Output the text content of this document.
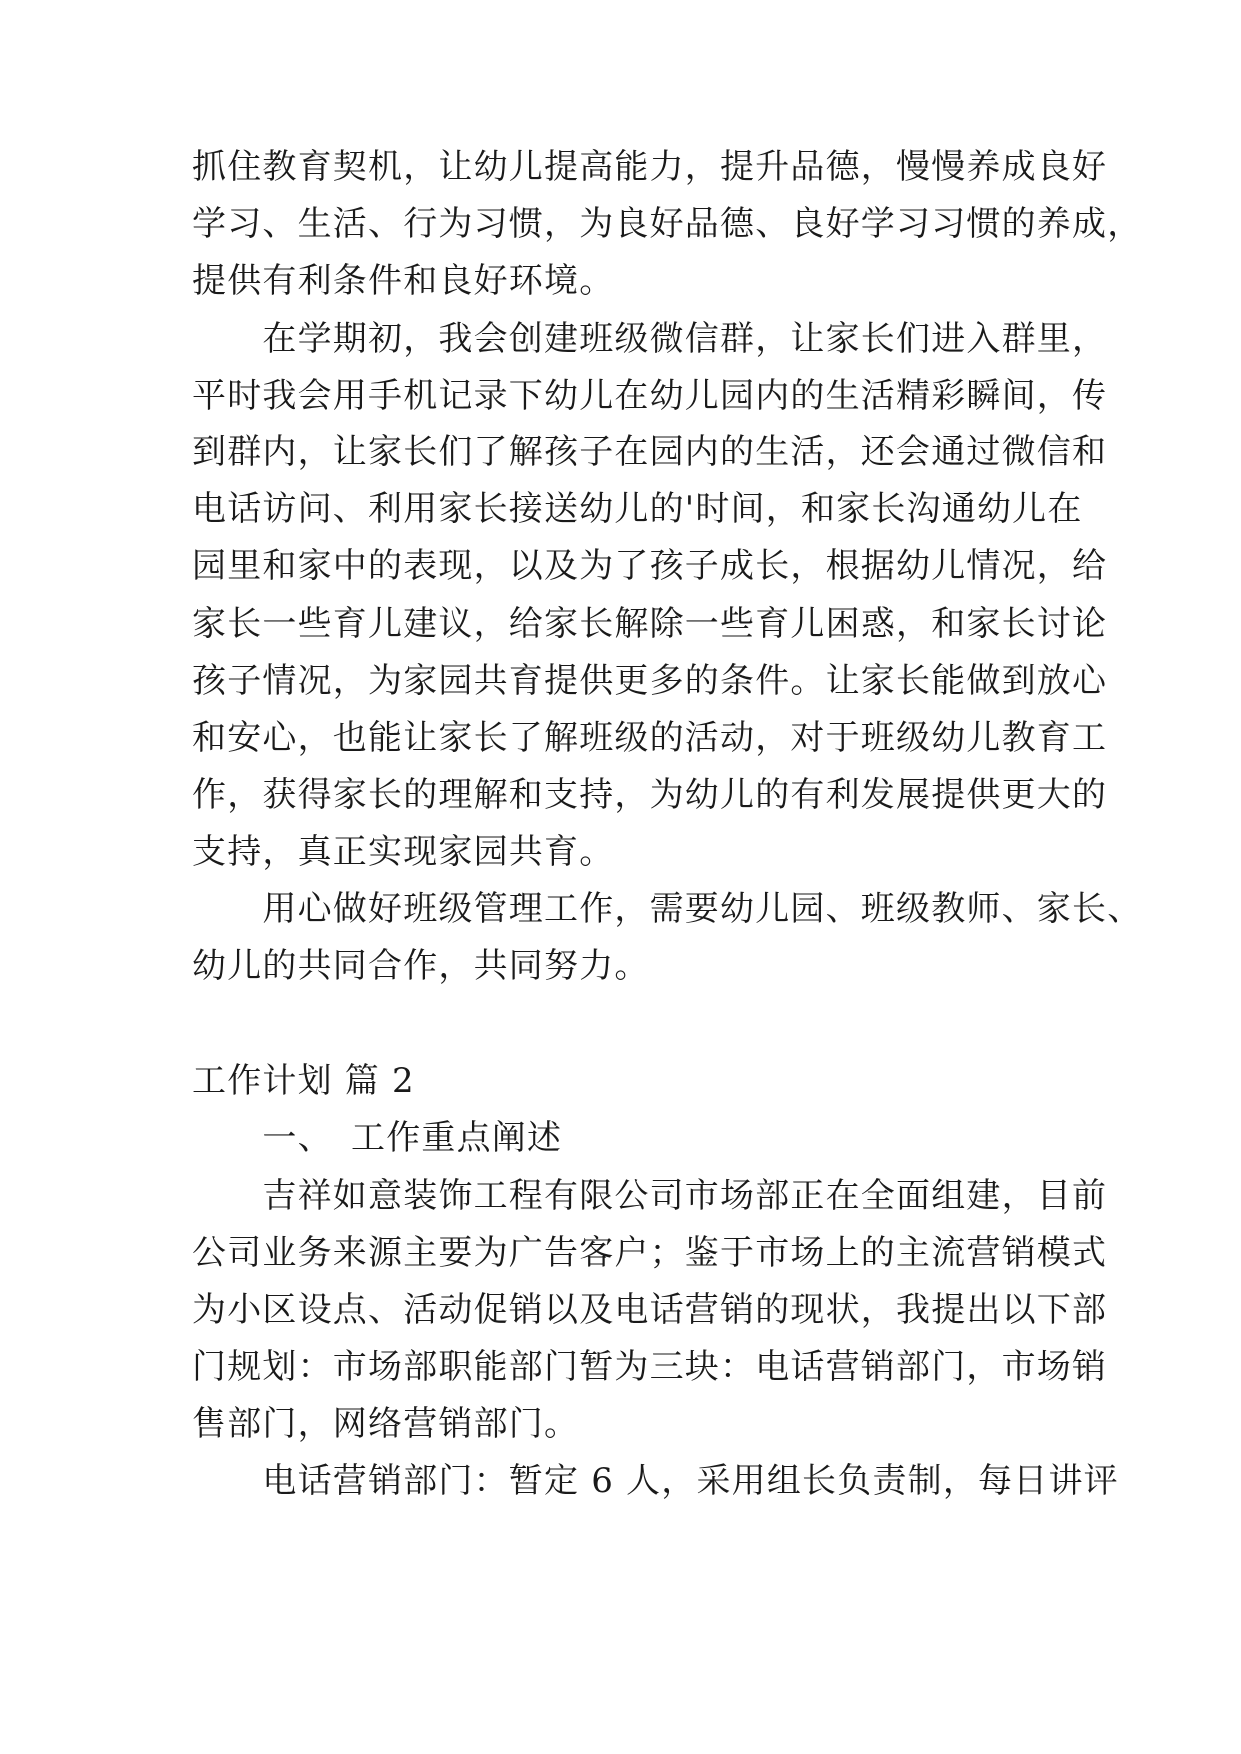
抓住教育契机，让幼儿提高能力，提升品德，慢慢养成良好

学习、生活、行为习惯，为良好品德、良好学习习惯的养成，

提供有利条件和良好环境。

　　在学期初，我会创建班级微信群，让家长们进入群里，

平时我会用手机记录下幼儿在幼儿园内的生活精彩瞬间，传

到群内，让家长们了解孩子在园内的生活，还会通过微信和

电话访问、利用家长接送幼儿的'时间，和家长沟通幼儿在

园里和家中的表现，以及为了孩子成长，根据幼儿情况，给

家长一些育儿建议，给家长解除一些育儿困惑，和家长讨论

孩子情况，为家园共育提供更多的条件。让家长能做到放心

和安心，也能让家长了解班级的活动，对于班级幼儿教育工

作，获得家长的理解和支持，为幼儿的有利发展提供更大的

支持，真正实现家园共育。

　　用心做好班级管理工作，需要幼儿园、班级教师、家长、

幼儿的共同合作，共同努力。

工作计划 篇 2

　　一、　工作重点阐述

　　吉祥如意装饰工程有限公司市场部正在全面组建，目前

公司业务来源主要为广告客户；鉴于市场上的主流营销模式

为小区设点、活动促销以及电话营销的现状，我提出以下部

门规划：市场部职能部门暂为三块：电话营销部门，市场销

售部门，网络营销部门。

　　电话营销部门：暂定 6 人，采用组长负责制，每日讲评
